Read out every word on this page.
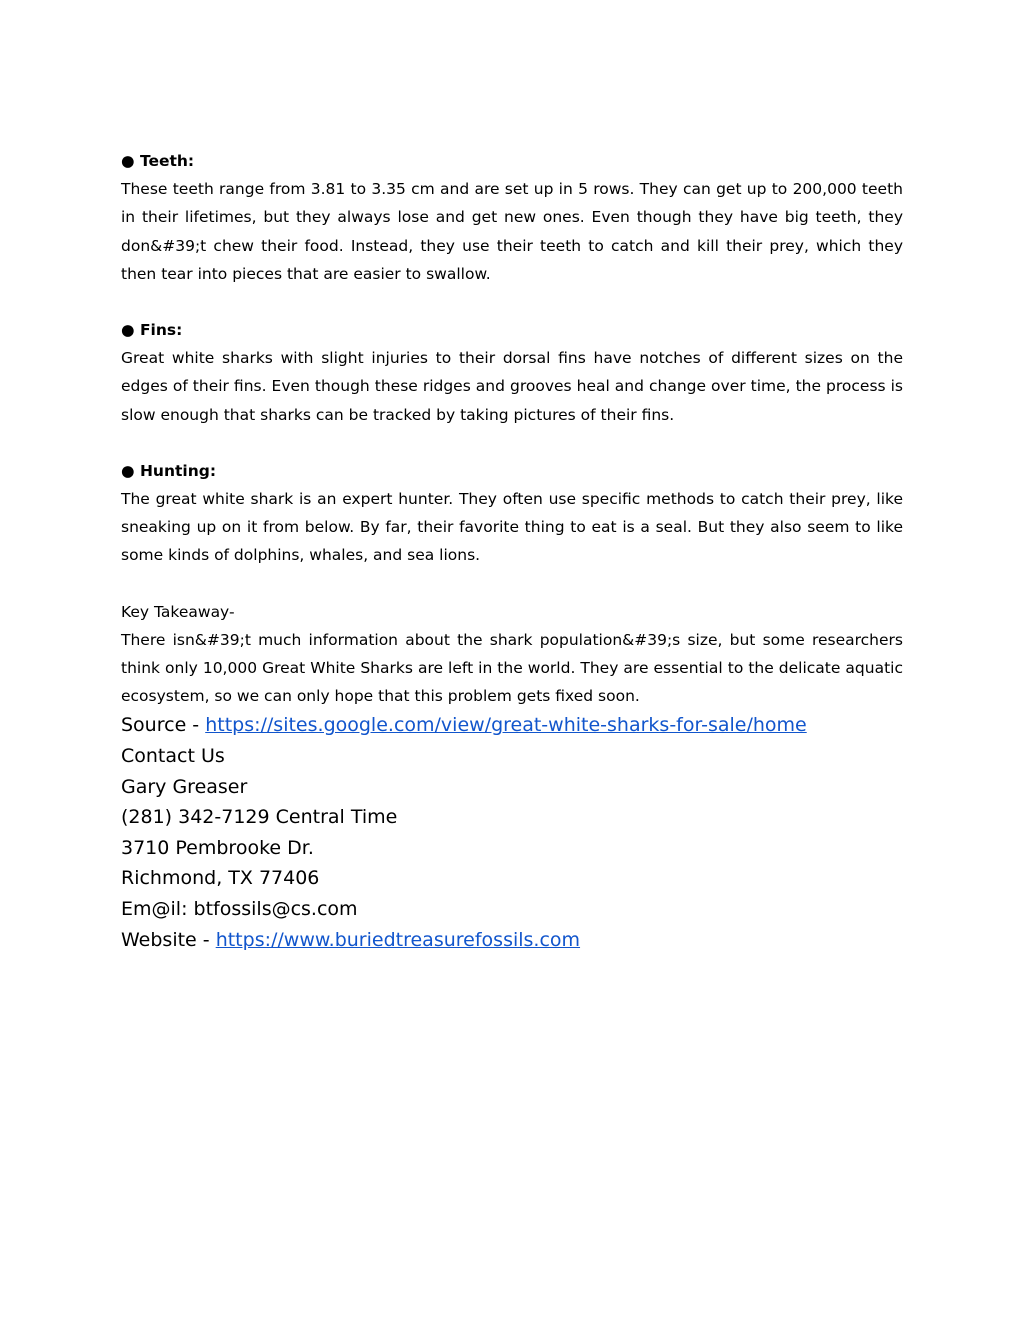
● Teeth:

These teeth range from 3.81 to 3.35 cm and are set up in 5 rows. They can get up to 200,000 teeth in their lifetimes, but they always lose and get new ones. Even though they have big teeth, they don&#39;t chew their food. Instead, they use their teeth to catch and kill their prey, which they then tear into pieces that are easier to swallow.

● Fins:

Great white sharks with slight injuries to their dorsal fins have notches of different sizes on the edges of their fins. Even though these ridges and grooves heal and change over time, the process is slow enough that sharks can be tracked by taking pictures of their fins.

● Hunting:

The great white shark is an expert hunter. They often use specific methods to catch their prey, like sneaking up on it from below. By far, their favorite thing to eat is a seal. But they also seem to like some kinds of dolphins, whales, and sea lions.

Key Takeaway-

There isn&#39;t much information about the shark population&#39;s size, but some researchers think only 10,000 Great White Sharks are left in the world. They are essential to the delicate aquatic ecosystem, so we can only hope that this problem gets fixed soon.

Source - https://sites.google.com/view/great-white-sharks-for-sale/home

Contact Us

Gary Greaser

(281) 342-7129 Central Time

3710 Pembrooke Dr.

Richmond, TX 77406

Em@il: btfossils@cs.com

Website - https://www.buriedtreasurefossils.com
